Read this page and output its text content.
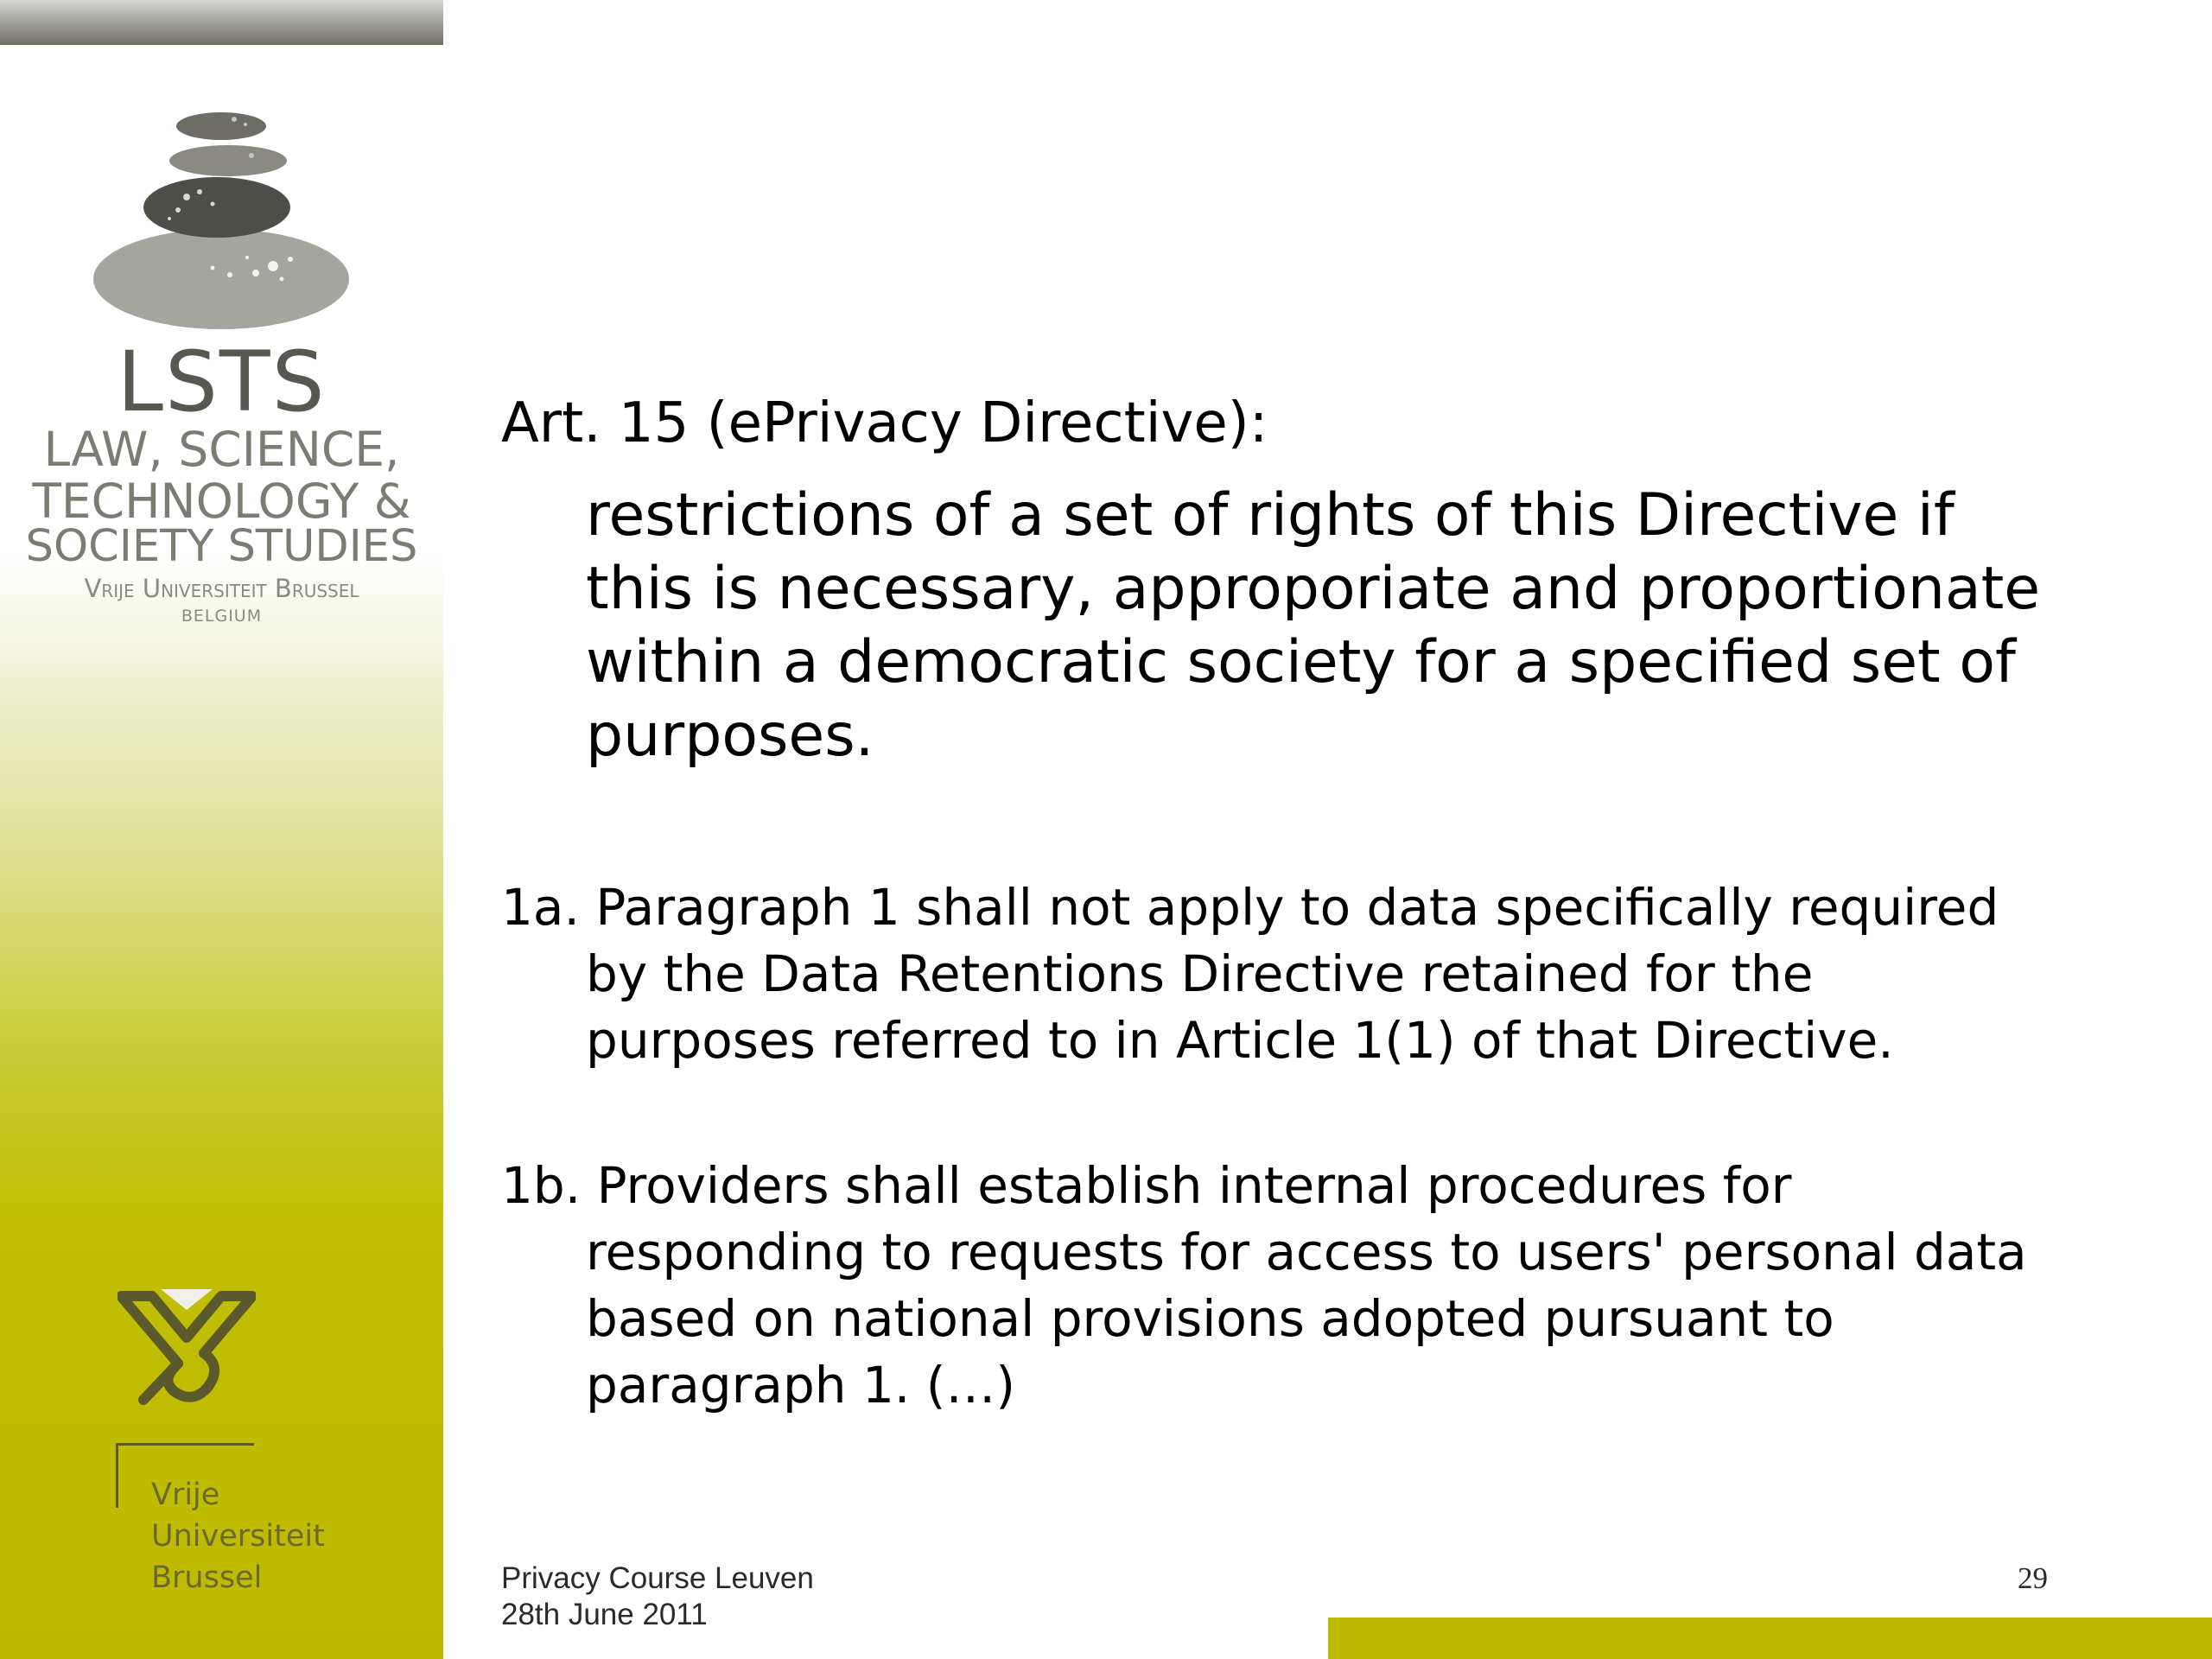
LSTS
LAW, SCIENCE,
TECHNOLOGY &
SOCIETY STUDIES
Vrije Universiteit Brussel
BELGIUM
Vrije
Universiteit
Brussel
Art. 15 (ePrivacy Directive):
restrictions of a set of rights of this Directive if this is necessary, approporiate and proportionate within a democratic society for a specified set of purposes.
1a. Paragraph 1 shall not apply to data specifically required by the Data Retentions Directive retained for the purposes referred to in Article 1(1) of that Directive.
1b. Providers shall establish internal procedures for responding to requests for access to users' personal data based on national provisions adopted pursuant to paragraph 1. (…)
Privacy Course Leuven
28th June 2011
29
